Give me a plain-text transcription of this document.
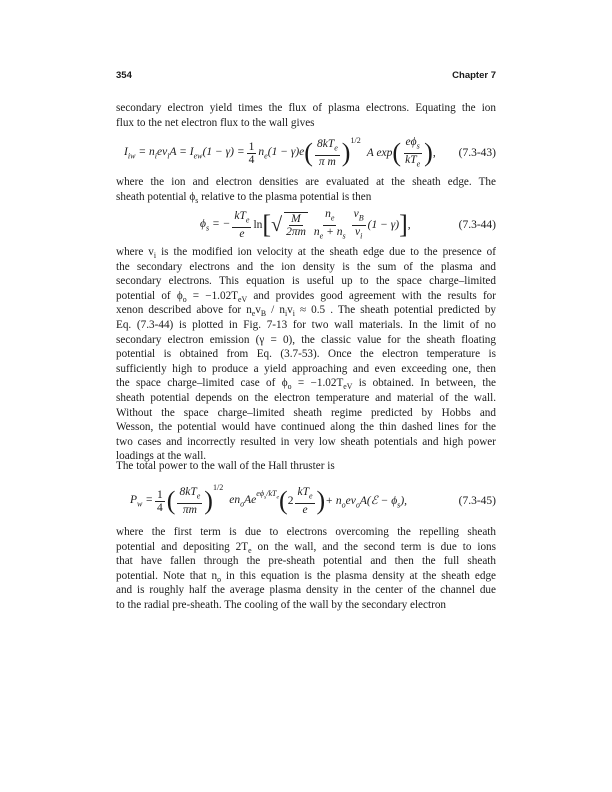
354	Chapter 7
secondary electron yield times the flux of plasma electrons. Equating the ion
flux to the net electron flux to the wall gives
$I_{iw} = n_iev_iA = I_{ew}(1 - \gamma) = \frac{1}{4} n_e(1 - \gamma)e$ ( $\frac{8kT_e}{\text{π m}} )^{1/2}$
A exp ( $\frac{e\phi_s}{kT_e}$ ) , (7.3-43)
where the ion and electron densities are evaluated at the sheath edge. The
sheath potential $\phi_s$ relative to the plasma potential is then
$\phi_s$ = − $\frac{kT_e}{e}$ ln [ √ $\frac{M}{2\pi m} \frac{n_e}{n_e + n_s} \frac{v_B}{v_i} (1 - \gamma)$ ] ,	(7.3-44)
where $v_i$ is the modified ion velocity at the sheath edge due to the presence of
the secondary electrons and the ion density is the sum of the plasma and
secondary electrons. This equation is useful up to the space charge–limited
potential of $\phi_o = -1.02T_{eV}$ and provides good agreement with the results for
xenon described above for $n_ev_B / n_iv_i \approx 0.5$ . The sheath potential predicted by
Eq. (7.3-44) is plotted in Fig. 7-13 for two wall materials. In the limit of no
secondary electron emission (γ = 0), the classic value for the sheath floating
potential is obtained from Eq. (3.7-53). Once the electron temperature is
sufficiently high to produce a yield approaching and even exceeding one, then
the space charge–limited case of $\phi_o = -1.02T_{eV}$ is obtained. In between, the
sheath potential depends on the electron temperature and material of the wall.
Without the space charge–limited sheath regime predicted by Hobbs and
Wesson, the potential would have continued along the thin dashed lines for the
two cases and incorrectly resulted in very low sheath potentials and high power
loadings at the wall.
The total power to the wall of the Hall thruster is
$P_w = \frac{1}{4}$ ( $\frac{8kT_e}{\pi m} )^{1/2}$
$en_oAe$
$^{e\phi_s/kT_e}$ ( $2 \frac{kT_e}{e}$ ) + $n_oev_oA(ℰ - \phi_s)$,	(7.3-45)
where the first term is due to electrons overcoming the repelling sheath
potential and depositing $2T_e$ on the wall, and the second term is due to ions
that have fallen through the pre-sheath potential and then the full sheath
potential. Note that $n_o$ in this equation is the plasma density at the sheath edge
and is roughly half the average plasma density in the center of the channel due
to the radial pre-sheath. The cooling of the wall by the secondary electron
